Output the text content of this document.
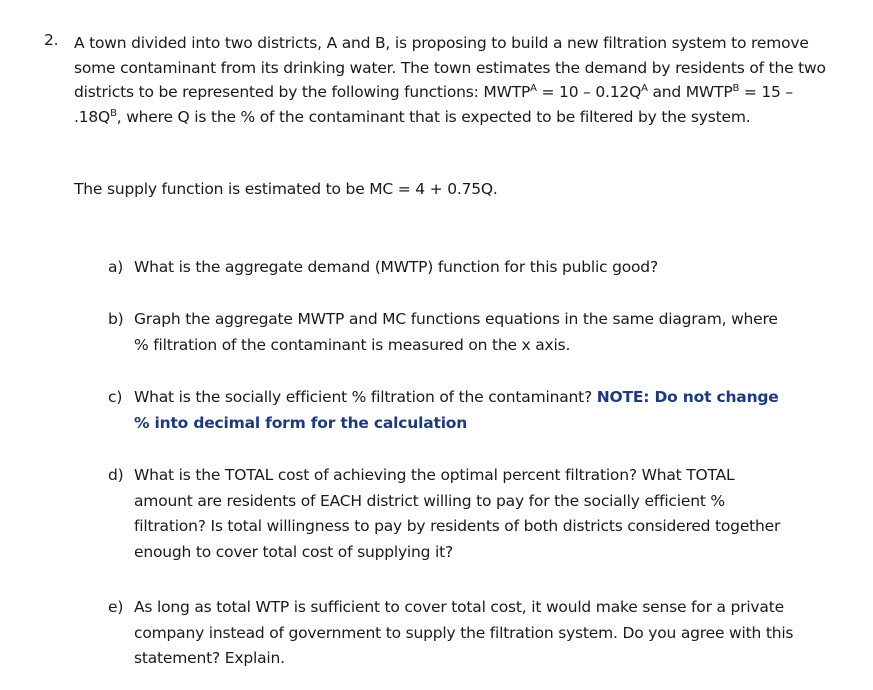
2. A town divided into two districts, A and B, is proposing to build a new filtration system to remove some contaminant from its drinking water. The town estimates the demand by residents of the two districts to be represented by the following functions: $MWTP^A = 10 - 0.12Q^A$ and $MWTP^B = 15 - .18Q^B$, where Q is the % of the contaminant that is expected to be filtered by the system.

The supply function is estimated to be MC = 4 + 0.75Q.

a) What is the aggregate demand (MWTP) function for this public good?
b) Graph the aggregate MWTP and MC functions equations in the same diagram, where % filtration of the contaminant is measured on the x axis.
c) What is the socially efficient % filtration of the contaminant? NOTE: Do not change % into decimal form for the calculation
d) What is the TOTAL cost of achieving the optimal percent filtration? What TOTAL amount are residents of EACH district willing to pay for the socially efficient % filtration? Is total willingness to pay by residents of both districts considered together enough to cover total cost of supplying it?
e) As long as total WTP is sufficient to cover total cost, it would make sense for a private company instead of government to supply the filtration system. Do you agree with this statement? Explain.
